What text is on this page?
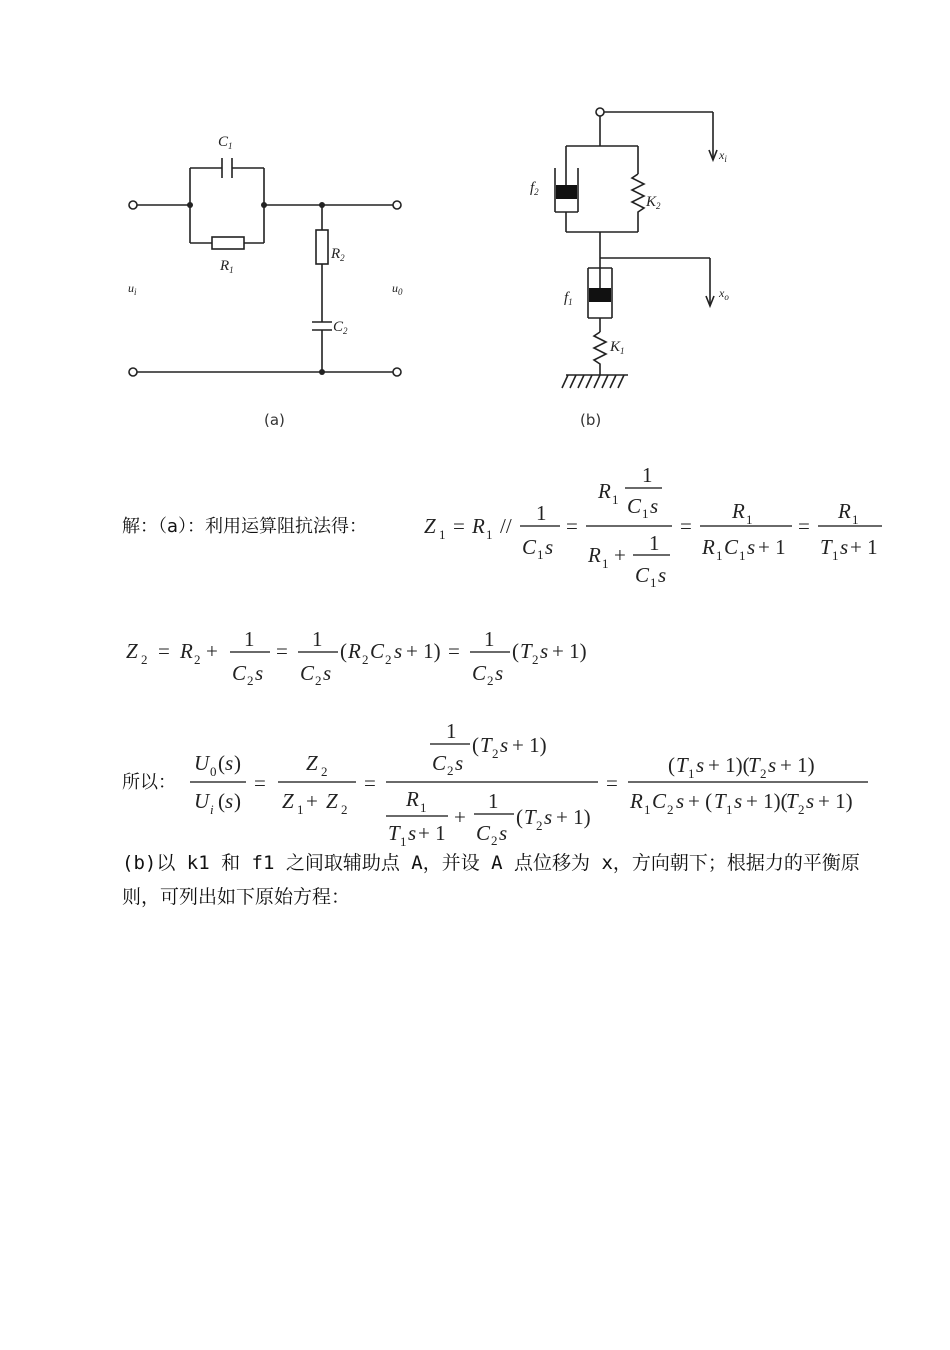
$C_1$
$R_1$
$R_2$
$C_2$
$u_i$	$u_0$
(a)
$f_2$
$K_2$
$f_1$
$K_1$
$x_i$
$x_o$
(b)
解：（a）：利用运算阻抗法得：	Z 1 = R 1 //
1
C 1 s
=
R 1
1
C 1 s
R 1 + 1
C 1 s
=
R 1
R 1 C 1 s + 1
=
R 1
T 1 s + 1
Z 2 = R 2 + 1
C 2 s
= 1
C 2 s
( R 2 C 2 s + 1) = 1
C 2 s
( T 2 s + 1)
所以：
U 0 ( s )
U i ( s )
=
Z 2
Z 1 + Z 2
=
1
C 2 s
( T 2 s + 1)
R 1
T 1 s + 1
+
1
C 2 s
( T 2 s + 1)
=
( T 1 s + 1)(
T 2 s + 1)
R 1 C 2 s + ( T 1 s + 1)(
T 2 s + 1)
(b)以 k1 和 f1 之间取辅助点 A，并设 A 点位移为 x，方向朝下；根据力的平衡原则，可列出如下原始方程：
